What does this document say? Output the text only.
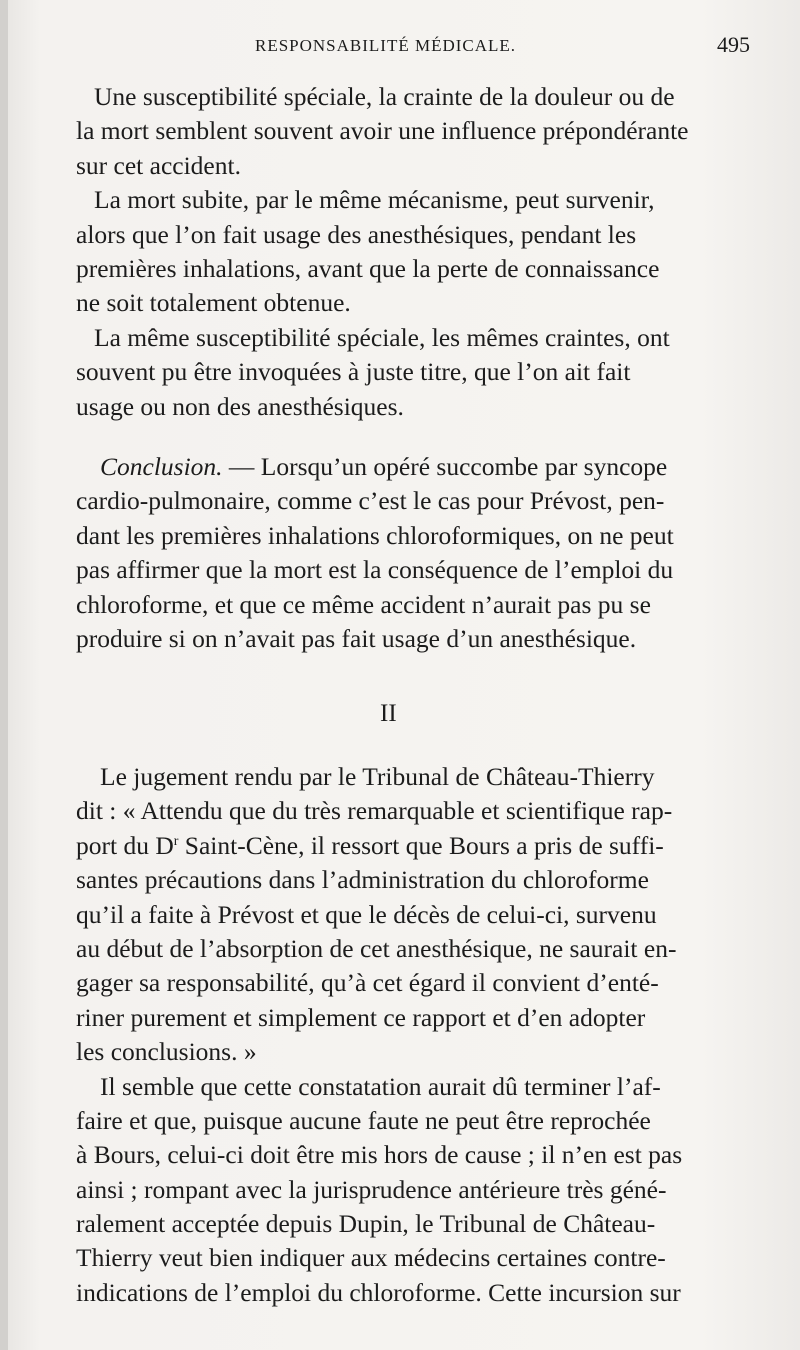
RESPONSABILITÉ MÉDICALE.	495
Une susceptibilité spéciale, la crainte de la douleur ou de
la mort semblent souvent avoir une influence prépondérante
sur cet accident.
La mort subite, par le même mécanisme, peut survenir,
alors que l’on fait usage des anesthésiques, pendant les
premières inhalations, avant que la perte de connaissance
ne soit totalement obtenue.
La même susceptibilité spéciale, les mêmes craintes, ont
souvent pu être invoquées à juste titre, que l’on ait fait
usage ou non des anesthésiques.
Conclusion. — Lorsqu’un opéré succombe par syncope
cardio-pulmonaire, comme c’est le cas pour Prévost, pen-
dant les premières inhalations chloroformiques, on ne peut
pas affirmer que la mort est la conséquence de l’emploi du
chloroforme, et que ce même accident n’aurait pas pu se
produire si on n’avait pas fait usage d’un anesthésique.
II
Le jugement rendu par le Tribunal de Château-Thierry
dit : « Attendu que du très remarquable et scientifique rap-
port du $D^r$ Saint-Cène, il ressort que Bours a pris de suffi-
santes précautions dans l’administration du chloroforme
qu’il a faite à Prévost et que le décès de celui-ci, survenu
au début de l’absorption de cet anesthésique, ne saurait en-
gager sa responsabilité, qu’à cet égard il convient d’enté-
riner purement et simplement ce rapport et d’en adopter
les conclusions. »
Il semble que cette constatation aurait dû terminer l’af-
faire et que, puisque aucune faute ne peut être reprochée
à Bours, celui-ci doit être mis hors de cause ; il n’en est pas
ainsi ; rompant avec la jurisprudence antérieure très géné-
ralement acceptée depuis Dupin, le Tribunal de Château-
Thierry veut bien indiquer aux médecins certaines contre-
indications de l’emploi du chloroforme. Cette incursion sur
